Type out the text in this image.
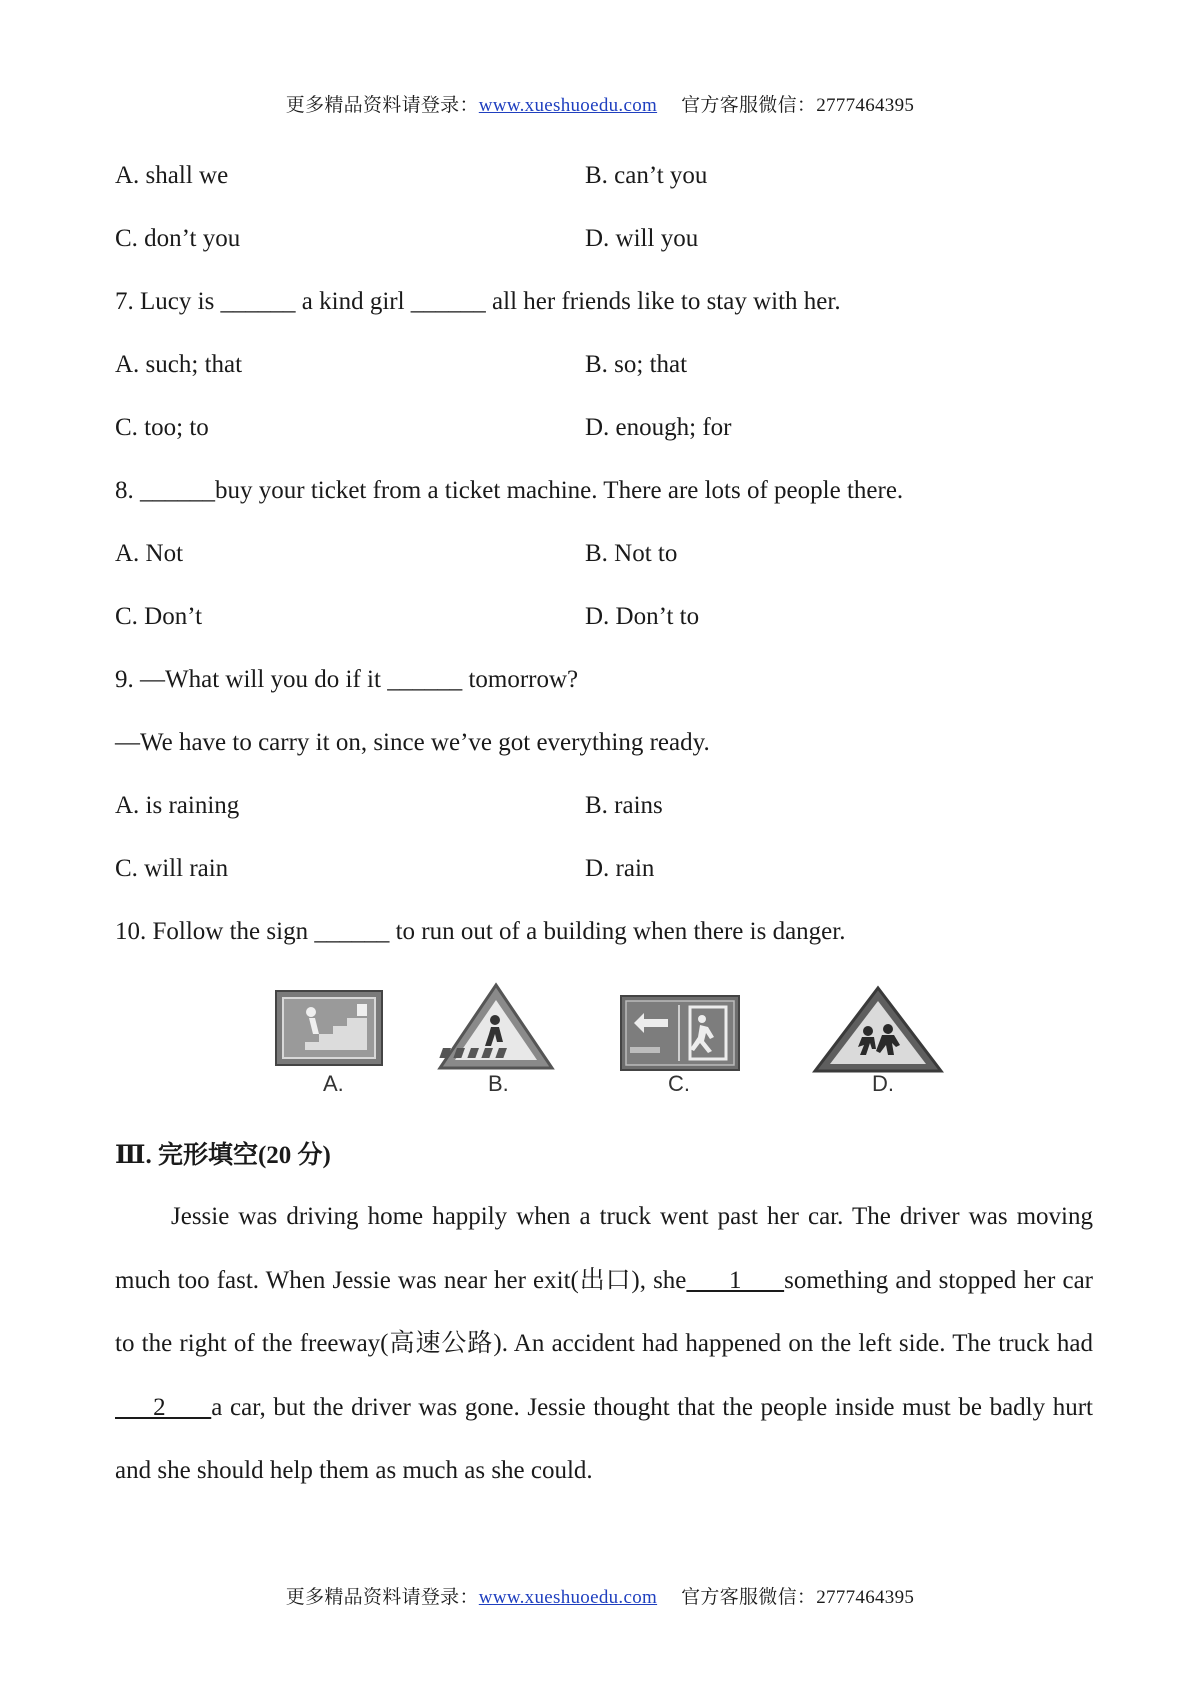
更多精品资料请登录：www.xueshuoedu.com 官方客服微信：2777464395
A. shall we	B. can’t you
C. don’t you	D. will you
7. Lucy is ______ a kind girl ______ all her friends like to stay with her.
A. such; that	B. so; that
C. too; to	D. enough; for
8. ______buy your ticket from a ticket machine. There are lots of people there.
A. Not	B. Not to
C. Don’t	D. Don’t to
9. —What will you do if it ______ tomorrow?
—We have to carry it on, since we’ve got everything ready.
A. is raining	B. rains
C. will rain	D. rain
10. Follow the sign ______ to run out of a building when there is danger.
A.	B.	C.	D.
Ⅲ. 完形填空(20 分)
Jessie was driving home happily when a truck went past her car. The driver was moving much too fast. When Jessie was near her exit(出口), she      1      something and stopped her car to the right of the freeway(高速公路). An accident had happened on the left side. The truck had     2      a car, but the driver was gone. Jessie thought that the people inside must be badly hurt and she should help them as much as she could.
更多精品资料请登录：www.xueshuoedu.com 官方客服微信：2777464395
